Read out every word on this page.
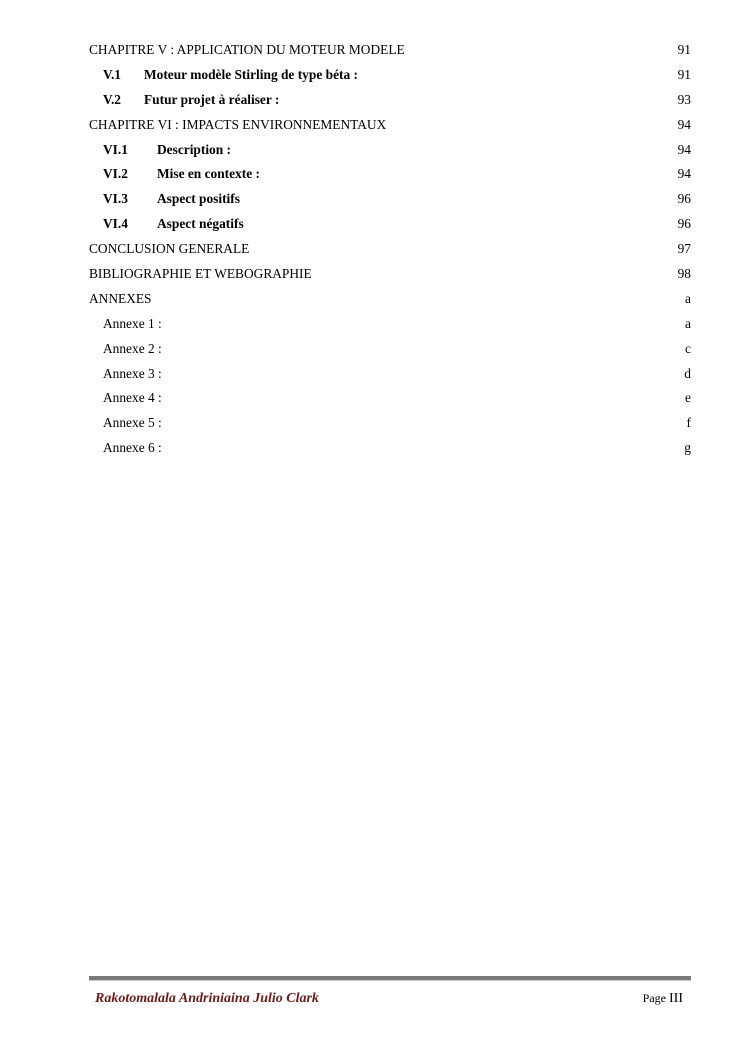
CHAPITRE V : APPLICATION DU MOTEUR MODELE	91
V.1	Moteur modèle Stirling de type béta :	91
V.2	Futur projet à réaliser :	93
CHAPITRE VI : IMPACTS ENVIRONNEMENTAUX	94
VI.1	Description :	94
VI.2	Mise en contexte :	94
VI.3	Aspect positifs	96
VI.4	Aspect négatifs	96
CONCLUSION GENERALE	97
BIBLIOGRAPHIE ET WEBOGRAPHIE	98
ANNEXES	a
Annexe 1 :	a
Annexe 2 :	c
Annexe 3 :	d
Annexe 4 :	e
Annexe 5 :	f
Annexe 6 :	g
Rakotomalala Andriniaina Julio Clark	Page III
